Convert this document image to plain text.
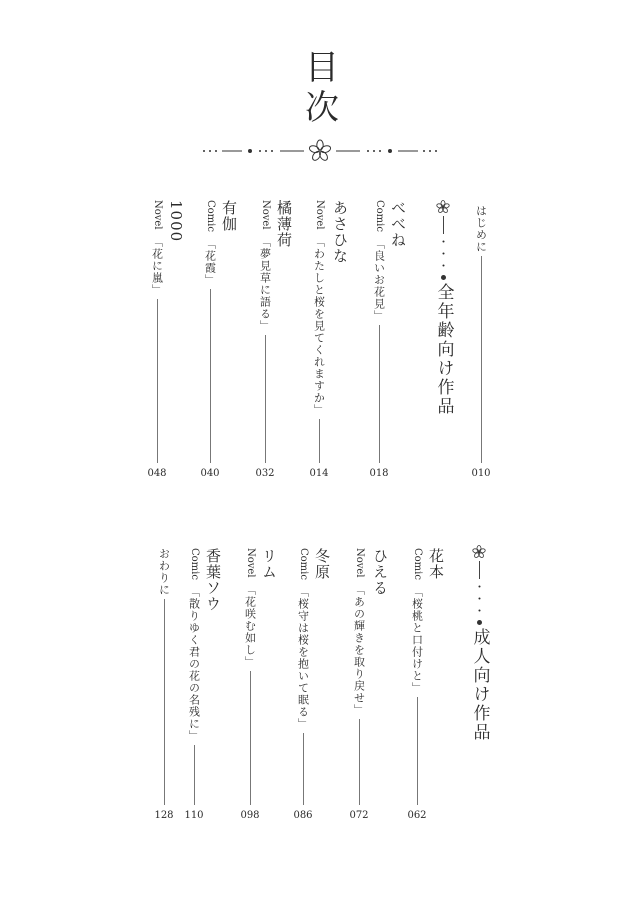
目
次
はじめに
010
・・・
全年齢向け作品
Comic
「良いお花見」
018
べべね
Novel
「わたしと桜を見てくれますか」
014
あさひな
Novel
「夢見草に語る」
032
橘薄荷
Comic
「花霞」
040
有伽
Novel
「花に嵐」
048
1000
・・・
成人向け作品
Comic
「桜桃と口付けと」
062
花本
Novel
「あの輝きを取り戻せ」
072
ひえる
Comic
「桜守は桜を抱いて眠る」
086
冬原
Novel
「花咲む如し」
098
リム
Comic
「散りゆく君の花の名残に」
110
香葉ソウ
おわりに
128
